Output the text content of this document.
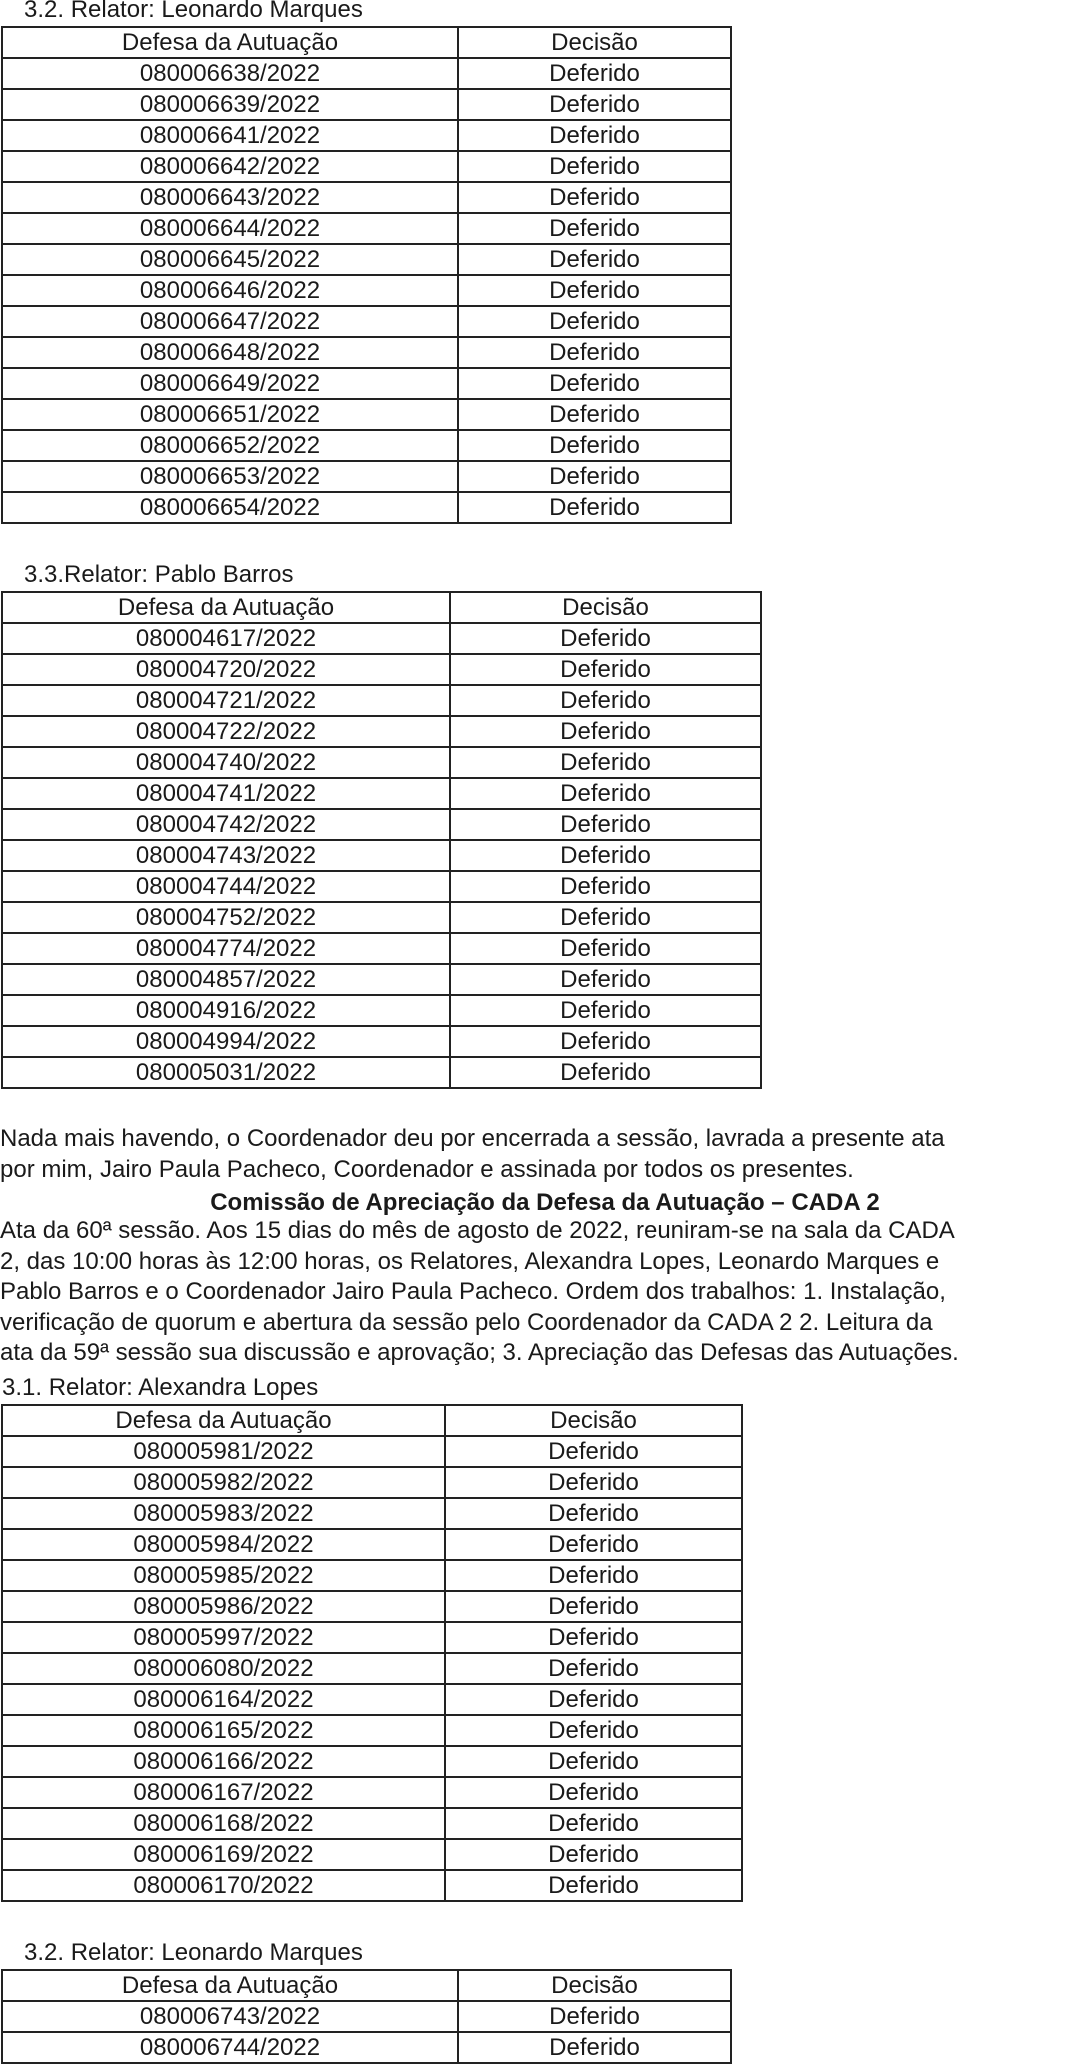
3.2. Relator: Leonardo Marques
Defesa da Autuação	Decisão
080006638/2022	Deferido
080006639/2022	Deferido
080006641/2022	Deferido
080006642/2022	Deferido
080006643/2022	Deferido
080006644/2022	Deferido
080006645/2022	Deferido
080006646/2022	Deferido
080006647/2022	Deferido
080006648/2022	Deferido
080006649/2022	Deferido
080006651/2022	Deferido
080006652/2022	Deferido
080006653/2022	Deferido
080006654/2022	Deferido
3.3.Relator: Pablo Barros
Defesa da Autuação	Decisão
080004617/2022	Deferido
080004720/2022	Deferido
080004721/2022	Deferido
080004722/2022	Deferido
080004740/2022	Deferido
080004741/2022	Deferido
080004742/2022	Deferido
080004743/2022	Deferido
080004744/2022	Deferido
080004752/2022	Deferido
080004774/2022	Deferido
080004857/2022	Deferido
080004916/2022	Deferido
080004994/2022	Deferido
080005031/2022	Deferido

Nada mais havendo, o Coordenador deu por encerrada a sessão, lavrada a presente ata

por mim, Jairo Paula Pacheco, Coordenador e assinada por todos os presentes.

Comissão de Apreciação da Defesa da Autuação – CADA 2

Ata da 60ª sessão. Aos 15 dias do mês de agosto de 2022, reuniram-se na sala da CADA

2, das 10:00 horas às 12:00 horas, os Relatores, Alexandra Lopes, Leonardo Marques e

Pablo Barros e o Coordenador Jairo Paula Pacheco. Ordem dos trabalhos: 1. Instalação,

verificação de quorum e abertura da sessão pelo Coordenador da CADA 2 2. Leitura da

ata da 59ª sessão sua discussão e aprovação; 3. Apreciação das Defesas das Autuações.

3.1. Relator: Alexandra Lopes
Defesa da Autuação	Decisão
080005981/2022	Deferido
080005982/2022	Deferido
080005983/2022	Deferido
080005984/2022	Deferido
080005985/2022	Deferido
080005986/2022	Deferido
080005997/2022	Deferido
080006080/2022	Deferido
080006164/2022	Deferido
080006165/2022	Deferido
080006166/2022	Deferido
080006167/2022	Deferido
080006168/2022	Deferido
080006169/2022	Deferido
080006170/2022	Deferido
3.2. Relator: Leonardo Marques
Defesa da Autuação	Decisão
080006743/2022	Deferido
080006744/2022	Deferido
